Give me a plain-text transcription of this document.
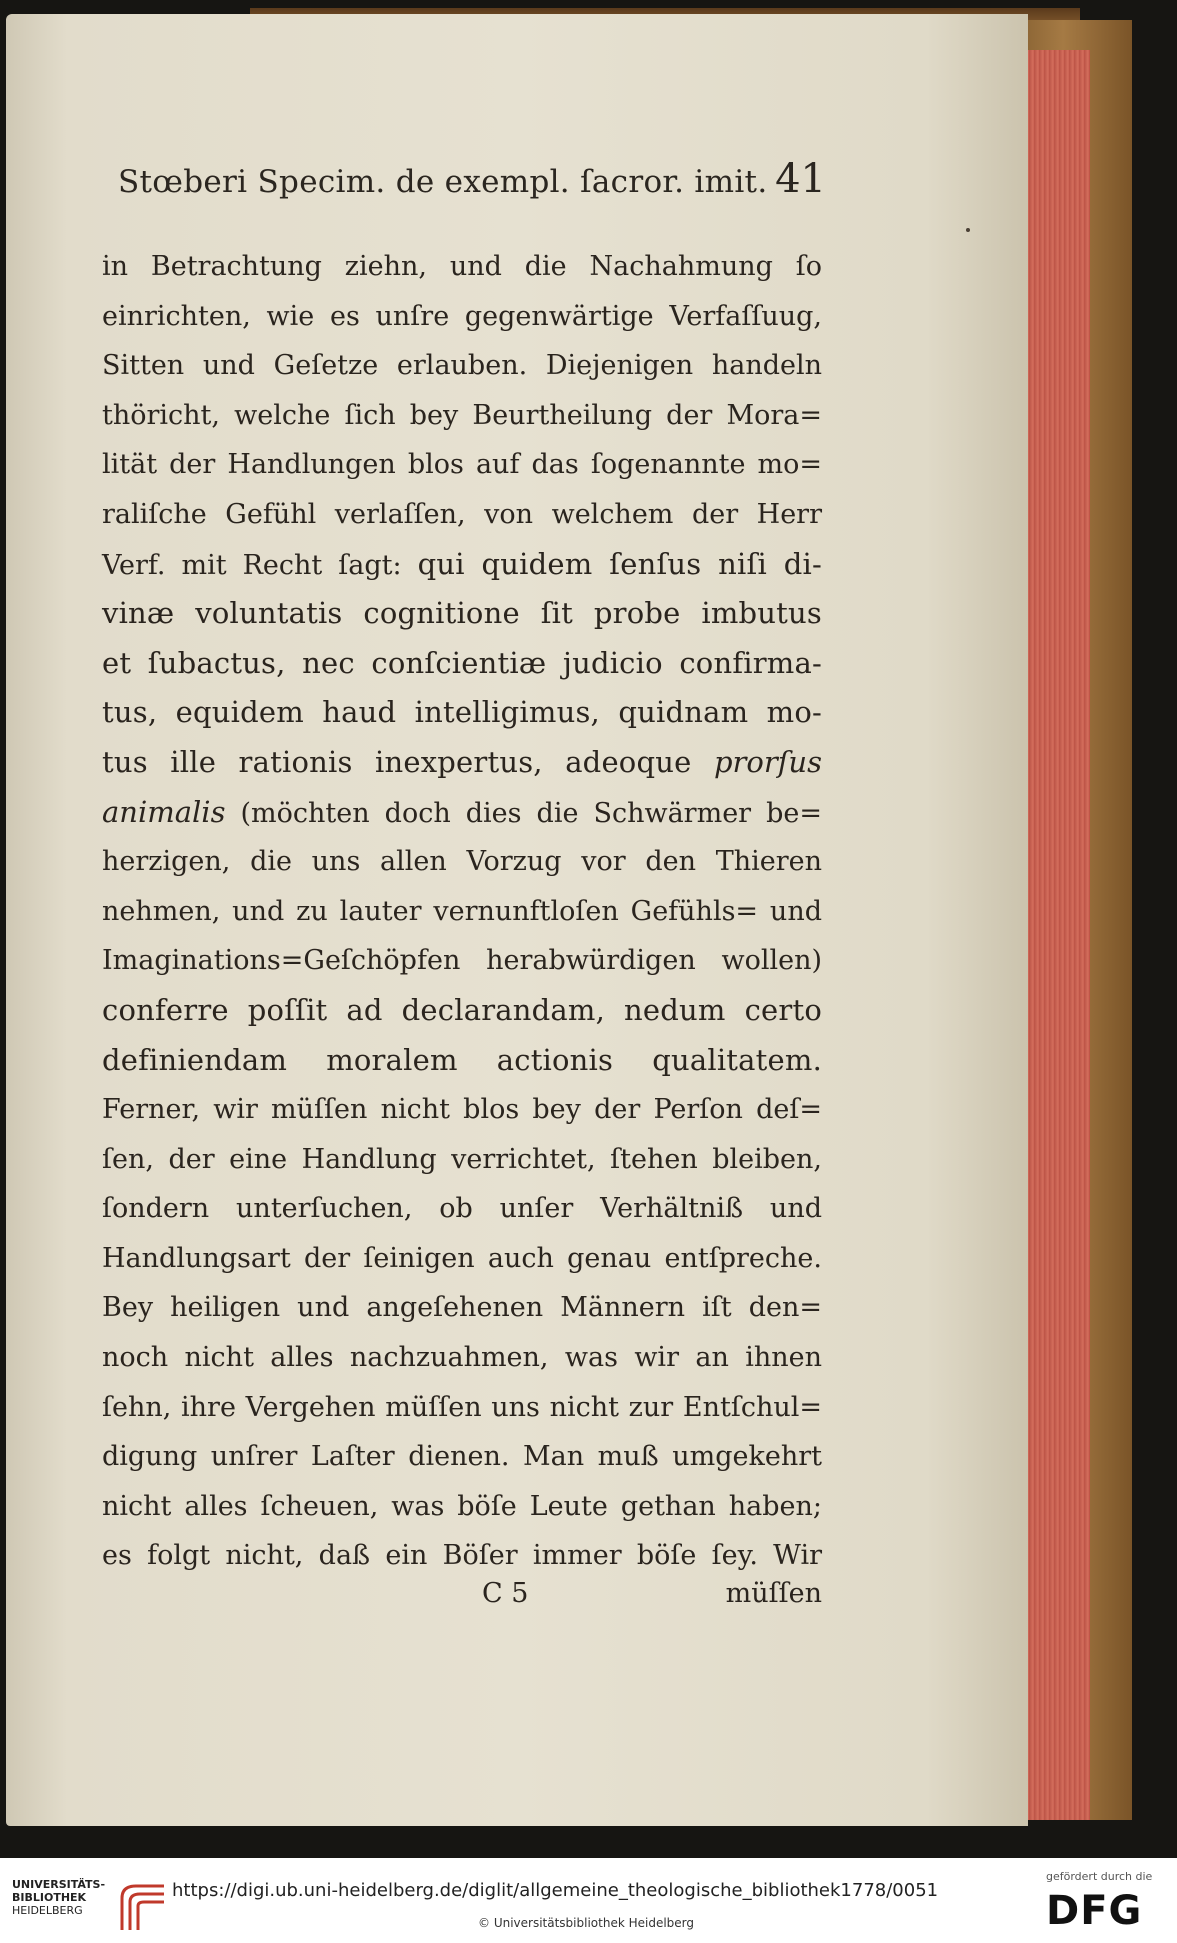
Stœberi Specim. de exempl. ſacror. imit. 41
in Betrachtung ziehn, und die Nachahmung ſo
einrichten, wie es unſre gegenwärtige Verfaſſuug,
Sitten und Geſetze erlauben. Diejenigen handeln
thöricht, welche ſich bey Beurtheilung der Mora=
lität der Handlungen blos auf das ſogenannte mo=
raliſche Gefühl verlaſſen, von welchem der Herr
Verf. mit Recht ſagt: qui quidem ſenſus niſi di-
vinæ voluntatis cognitione ſit probe imbutus
et ſubactus, nec conſcientiæ judicio confirma-
tus, equidem haud intelligimus, quidnam mo-
tus ille rationis inexpertus, adeoque prorſus
animalis (möchten doch dies die Schwärmer be=
herzigen, die uns allen Vorzug vor den Thieren
nehmen, und zu lauter vernunftloſen Gefühls= und
Imaginations=Geſchöpfen herabwürdigen wollen)
conferre poſſit ad declarandam, nedum certo
definiendam moralem actionis qualitatem.
Ferner, wir müſſen nicht blos bey der Perſon deſ=
ſen, der eine Handlung verrichtet, ſtehen bleiben,
ſondern unterſuchen, ob unſer Verhältniß und
Handlungsart der ſeinigen auch genau entſpreche.
Bey heiligen und angeſehenen Männern iſt den=
noch nicht alles nachzuahmen, was wir an ihnen
ſehn, ihre Vergehen müſſen uns nicht zur Entſchul=
digung unſrer Laſter dienen. Man muß umgekehrt
nicht alles ſcheuen, was böſe Leute gethan haben;
es folgt nicht, daß ein Böſer immer böſe ſey. Wir
C 5	müſſen
UNIVERSITÄTS-
BIBLIOTHEK
HEIDELBERG
https://digi.ub.uni-heidelberg.de/diglit/allgemeine_theologische_bibliothek1778/0051
© Universitätsbibliothek Heidelberg
gefördert durch die
DFG
